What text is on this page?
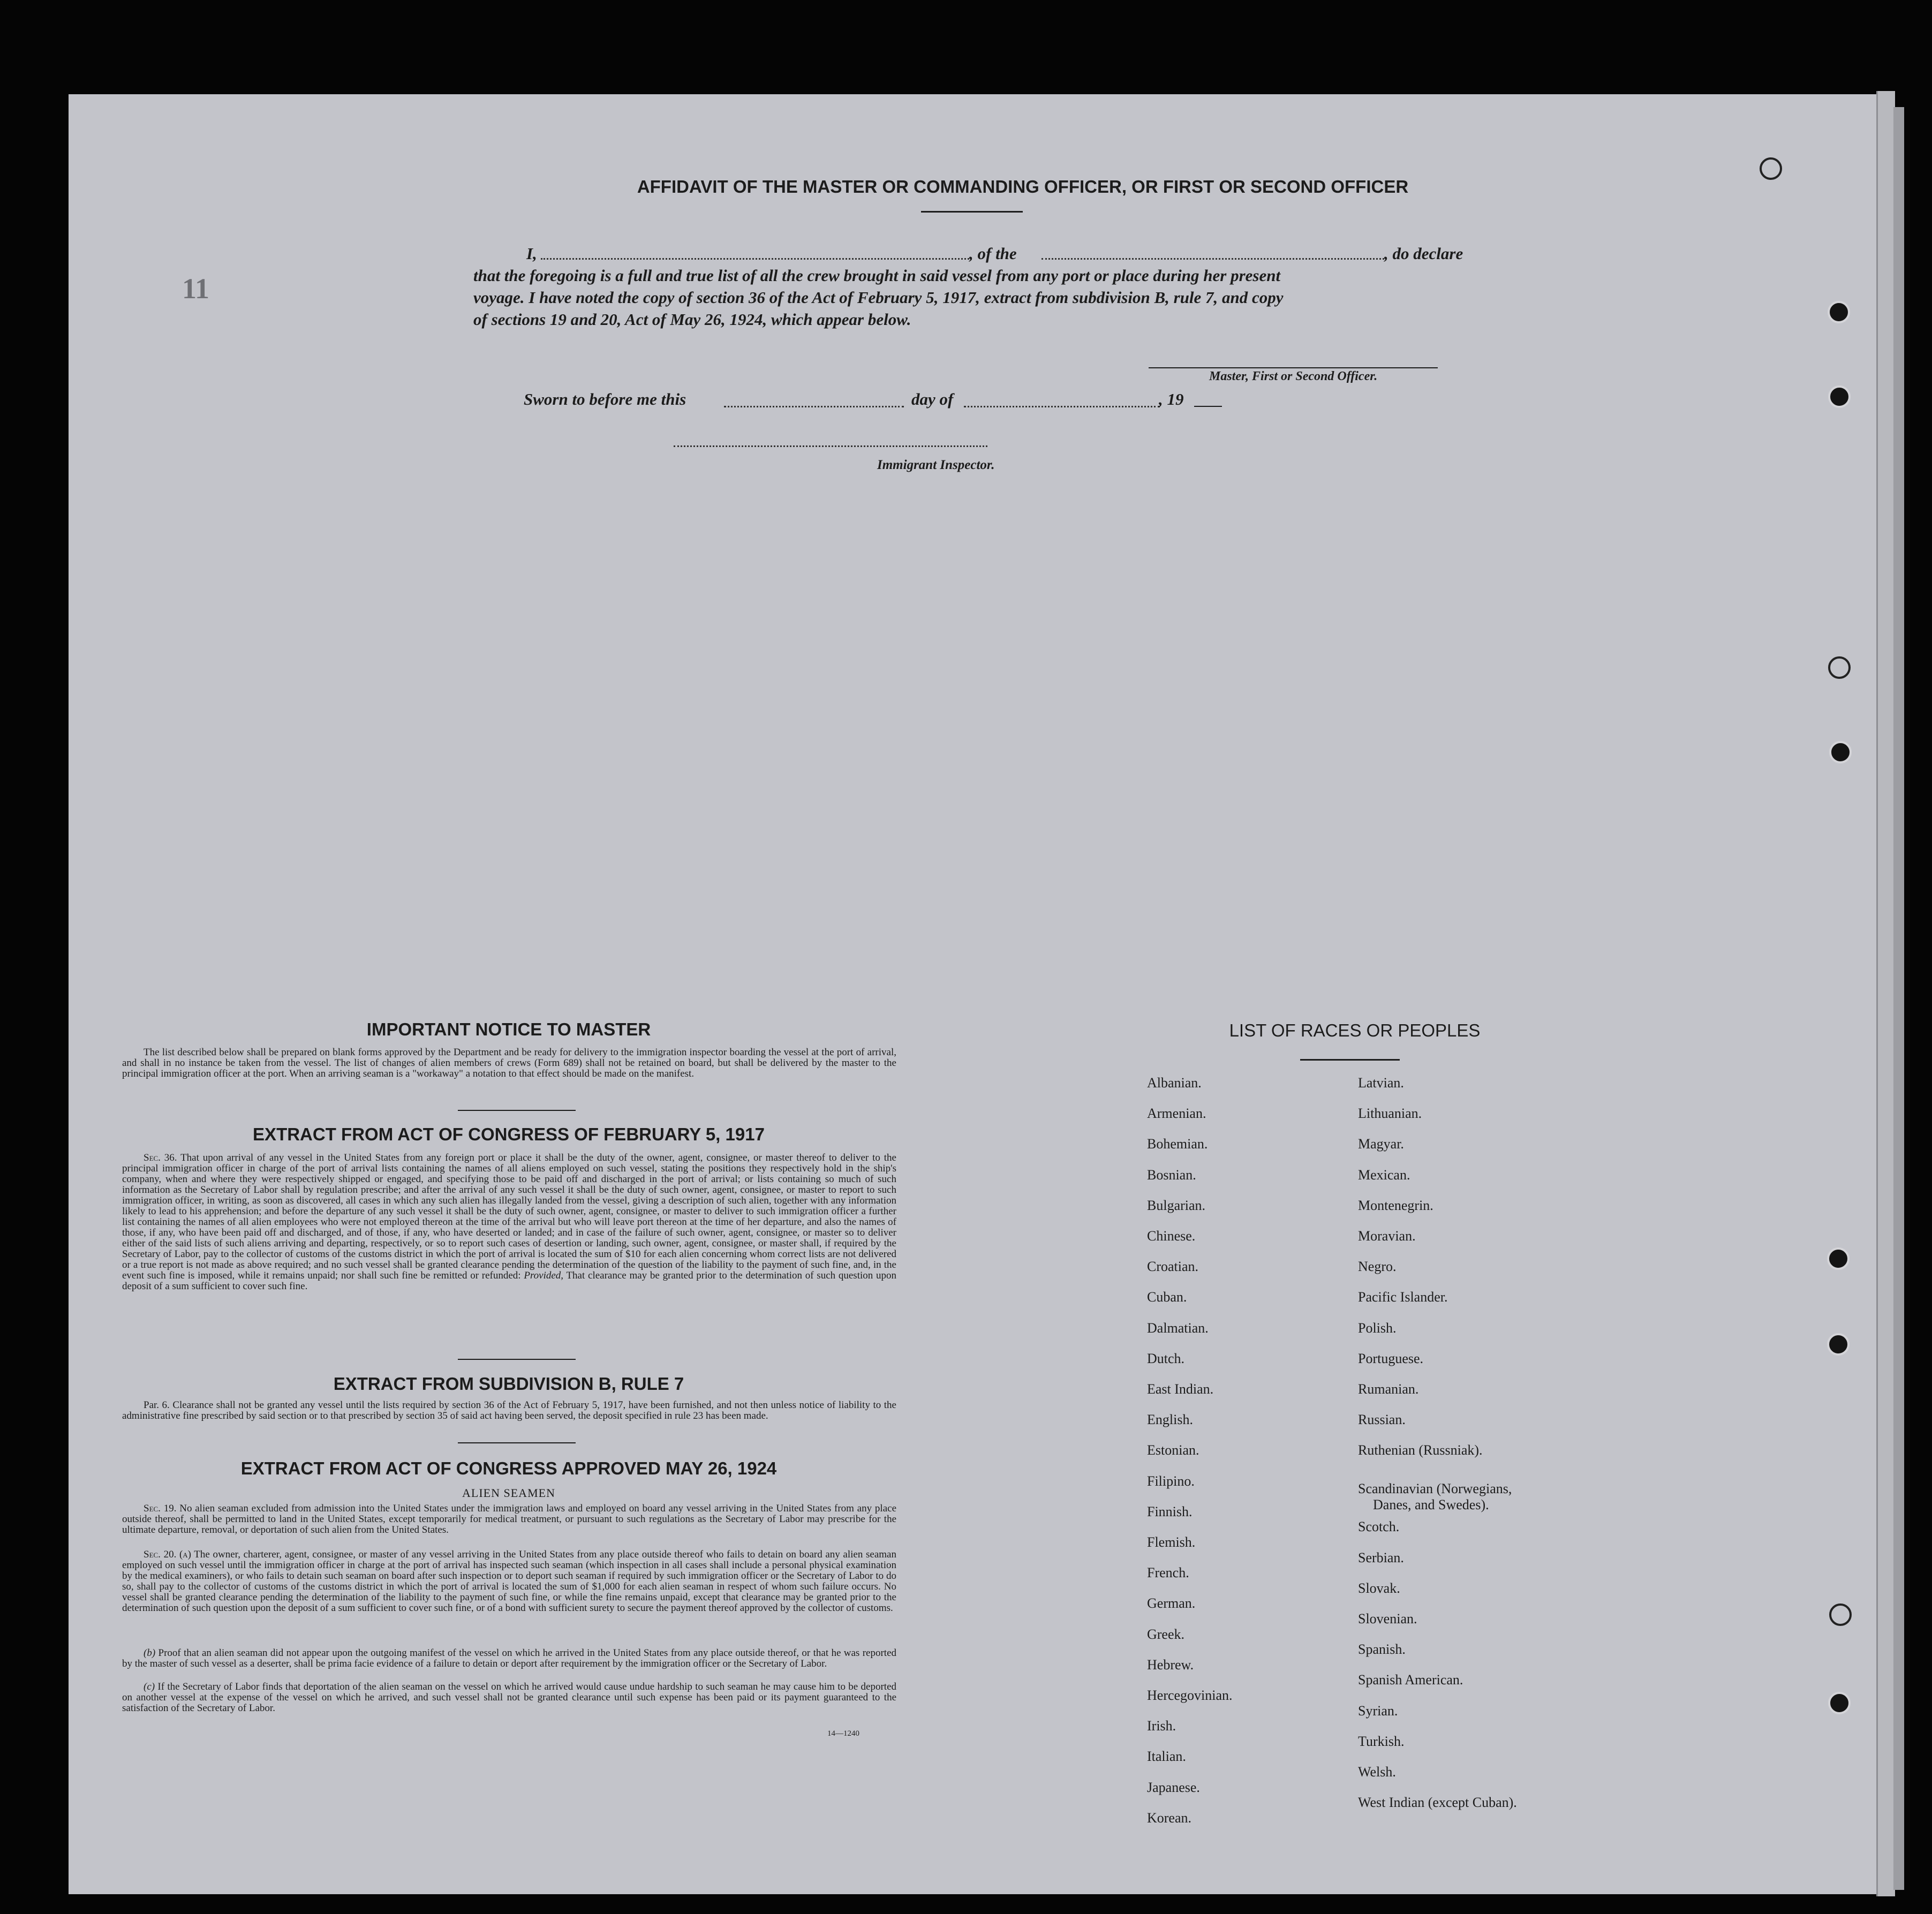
11
AFFIDAVIT OF THE MASTER OR COMMANDING OFFICER, OR FIRST OR SECOND OFFICER
I,	, of the	, do declare
that the foregoing is a full and true list of all the crew brought in said vessel from any port or place during her present
voyage. I have noted the copy of section 36 of the Act of February 5, 1917, extract from subdivision B, rule 7, and copy
of sections 19 and 20, Act of May 26, 1924, which appear below.
Master, First or Second Officer.
Sworn to before me this	day of	, 19
Immigrant Inspector.
IMPORTANT NOTICE TO MASTER
The list described below shall be prepared on blank forms approved by the Department and be ready for delivery to the immigration inspector boarding the vessel at the port of arrival, and shall in no instance be taken from the vessel. The list of changes of alien members of crews (Form 689) shall not be retained on board, but shall be delivered by the master to the principal immigration officer at the port. When an arriving seaman is a "workaway" a notation to that effect should be made on the manifest.
EXTRACT FROM ACT OF CONGRESS OF FEBRUARY 5, 1917
Sec. 36. That upon arrival of any vessel in the United States from any foreign port or place it shall be the duty of the owner, agent, consignee, or master thereof to deliver to the principal immigration officer in charge of the port of arrival lists containing the names of all aliens employed on such vessel, stating the positions they respectively hold in the ship's company, when and where they were respectively shipped or engaged, and specifying those to be paid off and discharged in the port of arrival; or lists containing so much of such information as the Secretary of Labor shall by regulation prescribe; and after the arrival of any such vessel it shall be the duty of such owner, agent, consignee, or master to report to such immigration officer, in writing, as soon as discovered, all cases in which any such alien has illegally landed from the vessel, giving a description of such alien, together with any information likely to lead to his apprehension; and before the departure of any such vessel it shall be the duty of such owner, agent, consignee, or master to deliver to such immigration officer a further list containing the names of all alien employees who were not employed thereon at the time of the arrival but who will leave port thereon at the time of her departure, and also the names of those, if any, who have been paid off and discharged, and of those, if any, who have deserted or landed; and in case of the failure of such owner, agent, consignee, or master so to deliver either of the said lists of such aliens arriving and departing, respectively, or so to report such cases of desertion or landing, such owner, agent, consignee, or master shall, if required by the Secretary of Labor, pay to the collector of customs of the customs district in which the port of arrival is located the sum of $10 for each alien concerning whom correct lists are not delivered or a true report is not made as above required; and no such vessel shall be granted clearance pending the determination of the question of the liability to the payment of such fine, and, in the event such fine is imposed, while it remains unpaid; nor shall such fine be remitted or refunded: Provided, That clearance may be granted prior to the determination of such question upon deposit of a sum sufficient to cover such fine.
EXTRACT FROM SUBDIVISION B, RULE 7
Par. 6. Clearance shall not be granted any vessel until the lists required by section 36 of the Act of February 5, 1917, have been furnished, and not then unless notice of liability to the administrative fine prescribed by said section or to that prescribed by section 35 of said act having been served, the deposit specified in rule 23 has been made.
EXTRACT FROM ACT OF CONGRESS APPROVED MAY 26, 1924
ALIEN SEAMEN
Sec. 19. No alien seaman excluded from admission into the United States under the immigration laws and employed on board any vessel arriving in the United States from any place outside thereof, shall be permitted to land in the United States, except temporarily for medical treatment, or pursuant to such regulations as the Secretary of Labor may prescribe for the ultimate departure, removal, or deportation of such alien from the United States.
Sec. 20. (a) The owner, charterer, agent, consignee, or master of any vessel arriving in the United States from any place outside thereof who fails to detain on board any alien seaman employed on such vessel until the immigration officer in charge at the port of arrival has inspected such seaman (which inspection in all cases shall include a personal physical examination by the medical examiners), or who fails to detain such seaman on board after such inspection or to deport such seaman if required by such immigration officer or the Secretary of Labor to do so, shall pay to the collector of customs of the customs district in which the port of arrival is located the sum of $1,000 for each alien seaman in respect of whom such failure occurs. No vessel shall be granted clearance pending the determination of the liability to the payment of such fine, or while the fine remains unpaid, except that clearance may be granted prior to the determination of such question upon the deposit of a sum sufficient to cover such fine, or of a bond with sufficient surety to secure the payment thereof approved by the collector of customs.
(b) Proof that an alien seaman did not appear upon the outgoing manifest of the vessel on which he arrived in the United States from any place outside thereof, or that he was reported by the master of such vessel as a deserter, shall be prima facie evidence of a failure to detain or deport after requirement by the immigration officer or the Secretary of Labor.
(c) If the Secretary of Labor finds that deportation of the alien seaman on the vessel on which he arrived would cause undue hardship to such seaman he may cause him to be deported on another vessel at the expense of the vessel on which he arrived, and such vessel shall not be granted clearance until such expense has been paid or its payment guaranteed to the satisfaction of the Secretary of Labor.
14—1240
LIST OF RACES OR PEOPLES
Albanian.
Armenian.
Bohemian.
Bosnian.
Bulgarian.
Chinese.
Croatian.
Cuban.
Dalmatian.
Dutch.
East Indian.
English.
Estonian.
Filipino.
Finnish.
Flemish.
French.
German.
Greek.
Hebrew.
Hercegovinian.
Irish.
Italian.
Japanese.
Korean.
Latvian.
Lithuanian.
Magyar.
Mexican.
Montenegrin.
Moravian.
Negro.
Pacific Islander.
Polish.
Portuguese.
Rumanian.
Russian.
Ruthenian (Russniak).
Scandinavian (Norwegians,
Danes, and Swedes).
Scotch.
Serbian.
Slovak.
Slovenian.
Spanish.
Spanish American.
Syrian.
Turkish.
Welsh.
West Indian (except Cuban).
